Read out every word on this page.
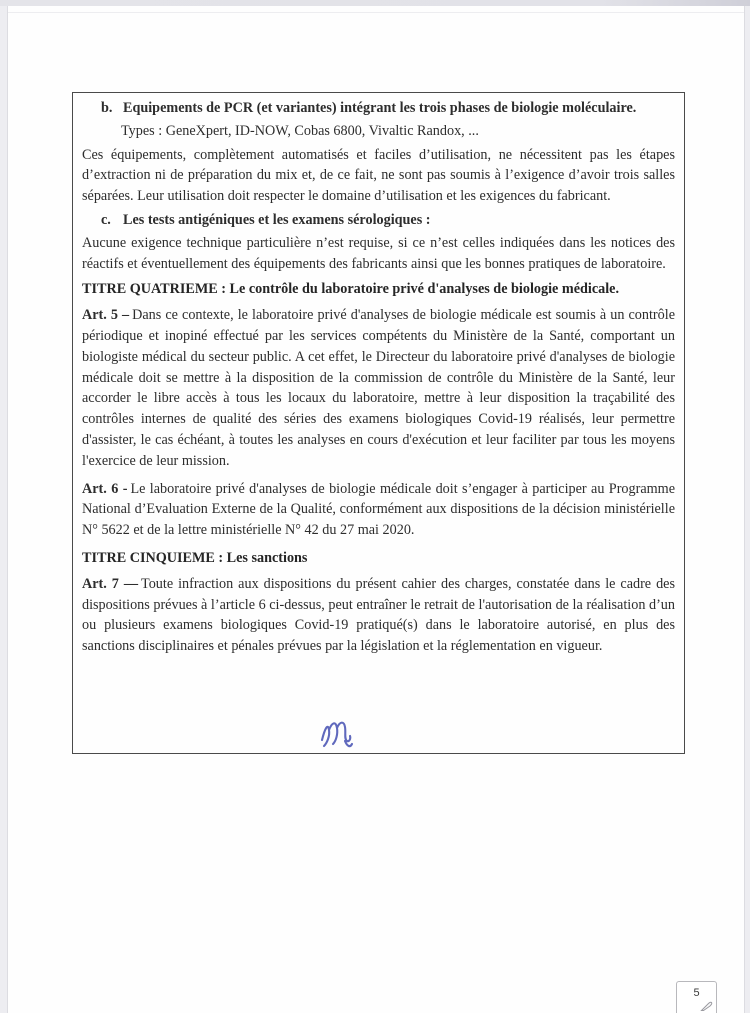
b. Equipements de PCR (et variantes) intégrant les trois phases de biologie moléculaire.

Types : GeneXpert, ID-NOW, Cobas 6800, Vivaltic Randox, ...

Ces équipements, complètement automatisés et faciles d’utilisation, ne nécessitent pas les étapes d’extraction ni de préparation du mix et, de ce fait, ne sont pas soumis à l’exigence d’avoir trois salles séparées. Leur utilisation doit respecter le domaine d’utilisation et les exigences du fabricant.

c. Les tests antigéniques et les examens sérologiques :

Aucune exigence technique particulière n’est requise, si ce n’est celles indiquées dans les notices des réactifs et éventuellement des équipements des fabricants ainsi que les bonnes pratiques de laboratoire.

TITRE QUATRIEME : Le contrôle du laboratoire privé d'analyses de biologie médicale.

Art. 5 – Dans ce contexte, le laboratoire privé d'analyses de biologie médicale est soumis à un contrôle périodique et inopiné effectué par les services compétents du Ministère de la Santé, comportant un biologiste médical du secteur public. A cet effet, le Directeur du laboratoire privé d'analyses de biologie médicale doit se mettre à la disposition de la commission de contrôle du Ministère de la Santé, leur accorder le libre accès à tous les locaux du laboratoire, mettre à leur disposition la traçabilité des contrôles internes de qualité des séries des examens biologiques Covid-19 réalisés, leur permettre d'assister, le cas échéant, à toutes les analyses en cours d'exécution et leur faciliter par tous les moyens l'exercice de leur mission.

Art. 6 - Le laboratoire privé d'analyses de biologie médicale doit s’engager à participer au Programme National d’Evaluation Externe de la Qualité, conformément aux dispositions de la décision ministérielle N° 5622 et de la lettre ministérielle N° 42 du 27 mai 2020.

TITRE CINQUIEME : Les sanctions

Art. 7 — Toute infraction aux dispositions du présent cahier des charges, constatée dans le cadre des dispositions prévues à l’article 6 ci-dessus, peut entraîner le retrait de l'autorisation de la réalisation d’un ou plusieurs examens biologiques Covid-19 pratiqué(s) dans le laboratoire autorisé, en plus des sanctions disciplinaires et pénales prévues par la législation et la réglementation en vigueur.

5
